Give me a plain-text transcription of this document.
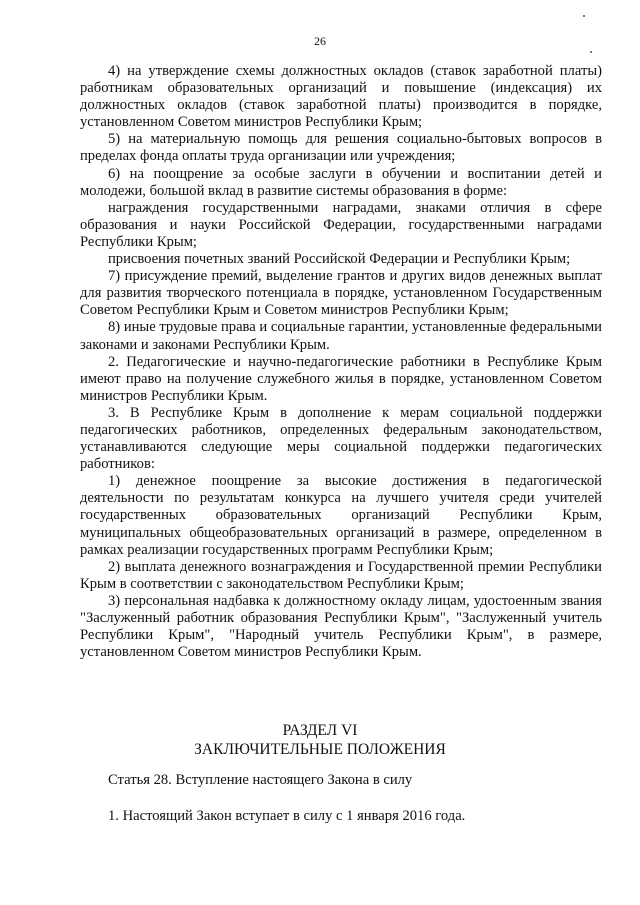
26

4) на утверждение схемы должностных окладов (ставок заработной платы) работникам образовательных организаций и повышение (индексация) их должностных окладов (ставок заработной платы) производится в порядке, установленном Советом министров Республики Крым;

5) на материальную помощь для решения социально-бытовых вопросов в пределах фонда оплаты труда организации или учреждения;

6) на поощрение за особые заслуги в обучении и воспитании детей и молодежи, большой вклад в развитие системы образования в форме:

награждения государственными наградами, знаками отличия в сфере образования и науки Российской Федерации, государственными наградами Республики Крым;

присвоения почетных званий Российской Федерации и Республики Крым;

7) присуждение премий, выделение грантов и других видов денежных выплат для развития творческого потенциала в порядке, установленном Государственным Советом Республики Крым и Советом министров Республики Крым;

8) иные трудовые права и социальные гарантии, установленные федеральными законами и законами Республики Крым.

2. Педагогические и научно-педагогические работники в Республике Крым имеют право на получение служебного жилья в порядке, установленном Советом министров Республики Крым.

3. В Республике Крым в дополнение к мерам социальной поддержки педагогических работников, определенных федеральным законодательством, устанавливаются следующие меры социальной поддержки педагогических работников:

1) денежное поощрение за высокие достижения в педагогической деятельности по результатам конкурса на лучшего учителя среди учителей государственных образовательных организаций Республики Крым, муниципальных общеобразовательных организаций в размере, определенном в рамках реализации государственных программ Республики Крым;

2) выплата денежного вознаграждения и Государственной премии Республики Крым в соответствии с законодательством Республики Крым;

3) персональная надбавка к должностному окладу лицам, удостоенным звания "Заслуженный работник образования Республики Крым", "Заслуженный учитель Республики Крым", "Народный учитель Республики Крым", в размере, установленном Советом министров Республики Крым.

РАЗДЕЛ VI
ЗАКЛЮЧИТЕЛЬНЫЕ ПОЛОЖЕНИЯ
Статья 28. Вступление настоящего Закона в силу
1. Настоящий Закон вступает в силу с 1 января 2016 года.
